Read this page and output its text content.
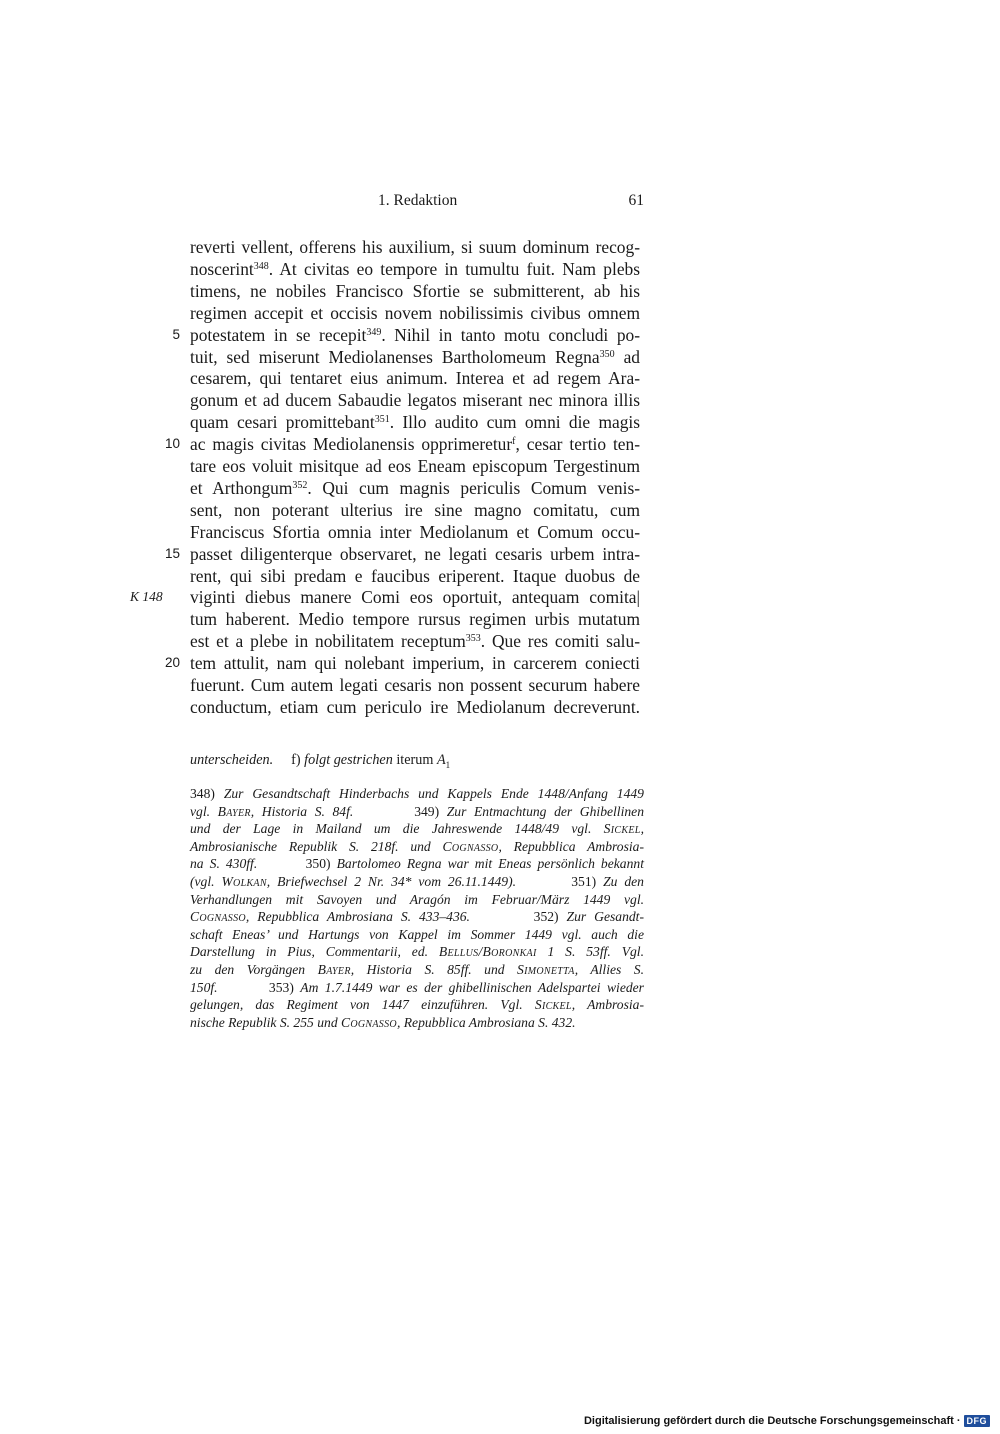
1. Redaktion	61
reverti vellent, offerens his auxilium, si suum dominum recog-
noscerint$^{348}$. At civitas eo tempore in tumultu fuit. Nam plebs
timens, ne nobiles Francisco Sfortie se submitterent, ab his
regimen accepit et occisis novem nobilissimis civibus omnem
potestatem in se recepit$^{349}$. Nihil in tanto motu concludi po-
5
tuit, sed miserunt Mediolanenses Bartholomeum Regna$^{350}$ ad
cesarem, qui tentaret eius animum. Interea et ad regem Ara-
gonum et ad ducem Sabaudie legatos miserant nec minora illis
quam cesari promittebant$^{351}$. Illo audito cum omni die magis
ac magis civitas Mediolanensis opprimeretur$^f$, cesar tertio ten-
10
tare eos voluit misitque ad eos Eneam episcopum Tergestinum
et Arthongum$^{352}$. Qui cum magnis periculis Comum venis-
sent, non poterant ulterius ire sine magno comitatu, cum
Franciscus Sfortia omnia inter Mediolanum et Comum occu-
passet diligenterque observaret, ne legati cesaris urbem intra-
15
rent, qui sibi predam e faucibus eriperent. Itaque duobus de
viginti diebus manere Comi eos oportuit, antequam comita|
K 148
tum haberent. Medio tempore rursus regimen urbis mutatum
est et a plebe in nobilitatem receptum$^{353}$. Que res comiti salu-
tem attulit, nam qui nolebant imperium, in carcerem coniecti
20
fuerunt. Cum autem legati cesaris non possent securum habere
conductum, etiam cum periculo ire Mediolanum decreverunt.
unterscheiden. f) folgt gestrichen iterum $A_1$
348) Zur Gesandtschaft Hinderbachs und Kappels Ende 1448/Anfang 1449
vgl. Bayer, Historia S. 84f.        349) Zur Entmachtung der Ghibellinen
und der Lage in Mailand um die Jahreswende 1448/49 vgl. Sickel,
Ambrosianische Republik S. 218f. und Cognasso, Repubblica Ambrosia-
na S. 430ff.        350) Bartolomeo Regna war mit Eneas persönlich bekannt
(vgl. Wolkan, Briefwechsel 2 Nr. 34* vom 26.11.1449).        351) Zu den
Verhandlungen mit Savoyen und Aragón im Februar/März 1449 vgl.
Cognasso, Repubblica Ambrosiana S. 433–436.        352) Zur Gesandt-
schaft Eneas’ und Hartungs von Kappel im Sommer 1449 vgl. auch die
Darstellung in Pius, Commentarii, ed. Bellus/Boronkai 1 S. 53ff. Vgl.
zu den Vorgängen Bayer, Historia S. 85ff. und Simonetta, Allies S.
150f.        353) Am 1.7.1449 war es der ghibellinischen Adelspartei wieder
gelungen, das Regiment von 1447 einzuführen. Vgl. Sickel, Ambrosia-
nische Republik S. 255 und Cognasso, Repubblica Ambrosiana S. 432.
Digitalisierung gefördert durch die Deutsche Forschungsgemeinschaft · DFG
